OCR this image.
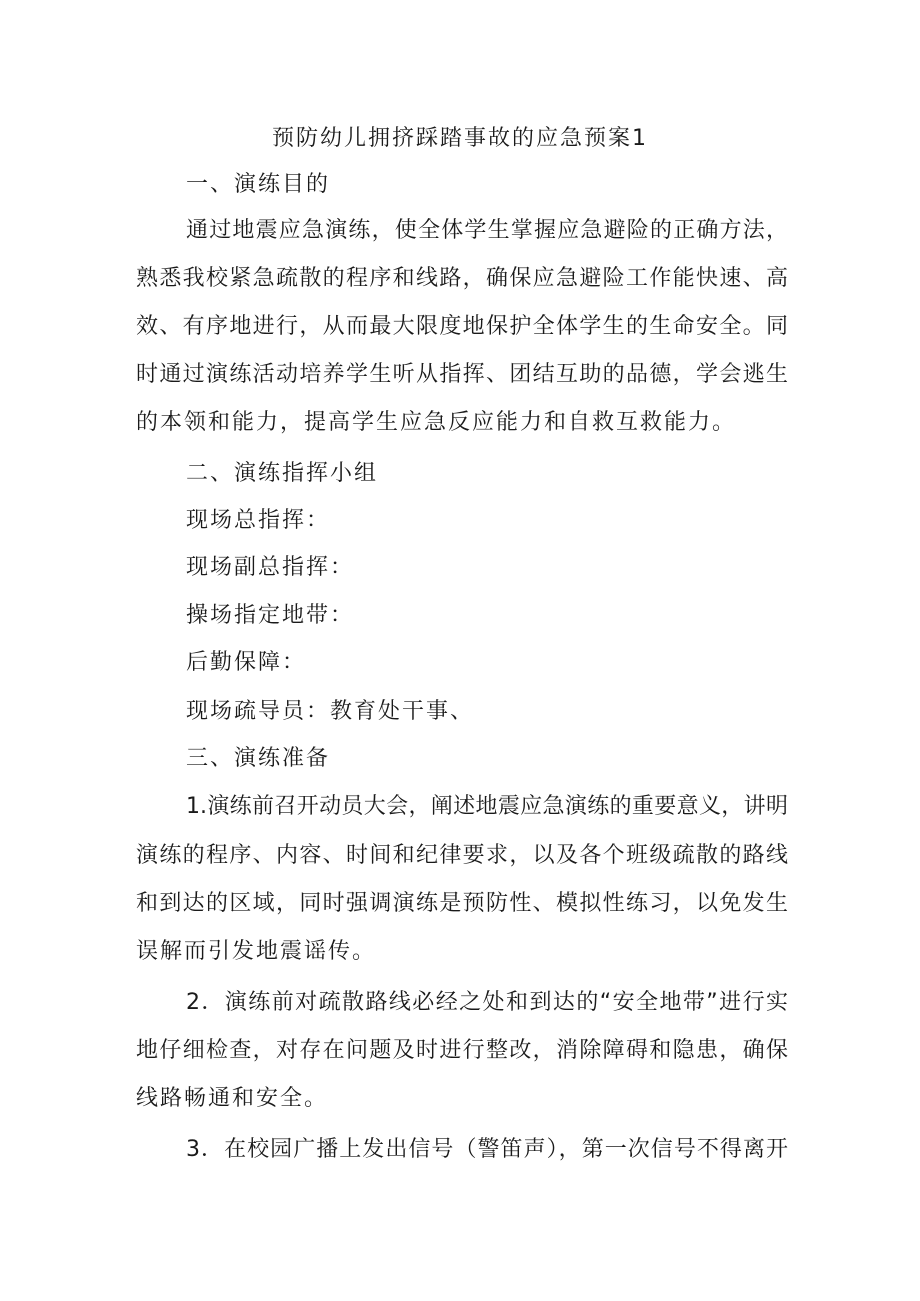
预防幼儿拥挤踩踏事故的应急预案1
一、演练目的
通过地震应急演练，使全体学生掌握应急避险的正确方法，
熟悉我校紧急疏散的程序和线路，确保应急避险工作能快速、高
效、有序地进行，从而最大限度地保护全体学生的生命安全。同
时通过演练活动培养学生听从指挥、团结互助的品德，学会逃生
的本领和能力，提高学生应急反应能力和自救互救能力。
二、演练指挥小组
现场总指挥：
现场副总指挥：
操场指定地带：
后勤保障：
现场疏导员：教育处干事、
三、演练准备
1.演练前召开动员大会，阐述地震应急演练的重要意义，讲明
演练的程序、内容、时间和纪律要求，以及各个班级疏散的路线
和到达的区域，同时强调演练是预防性、模拟性练习，以免发生
误解而引发地震谣传。
2．演练前对疏散路线必经之处和到达的“安全地带”进行实
地仔细检查，对存在问题及时进行整改，消除障碍和隐患，确保
线路畅通和安全。
3．在校园广播上发出信号（警笛声），第一次信号不得离开
